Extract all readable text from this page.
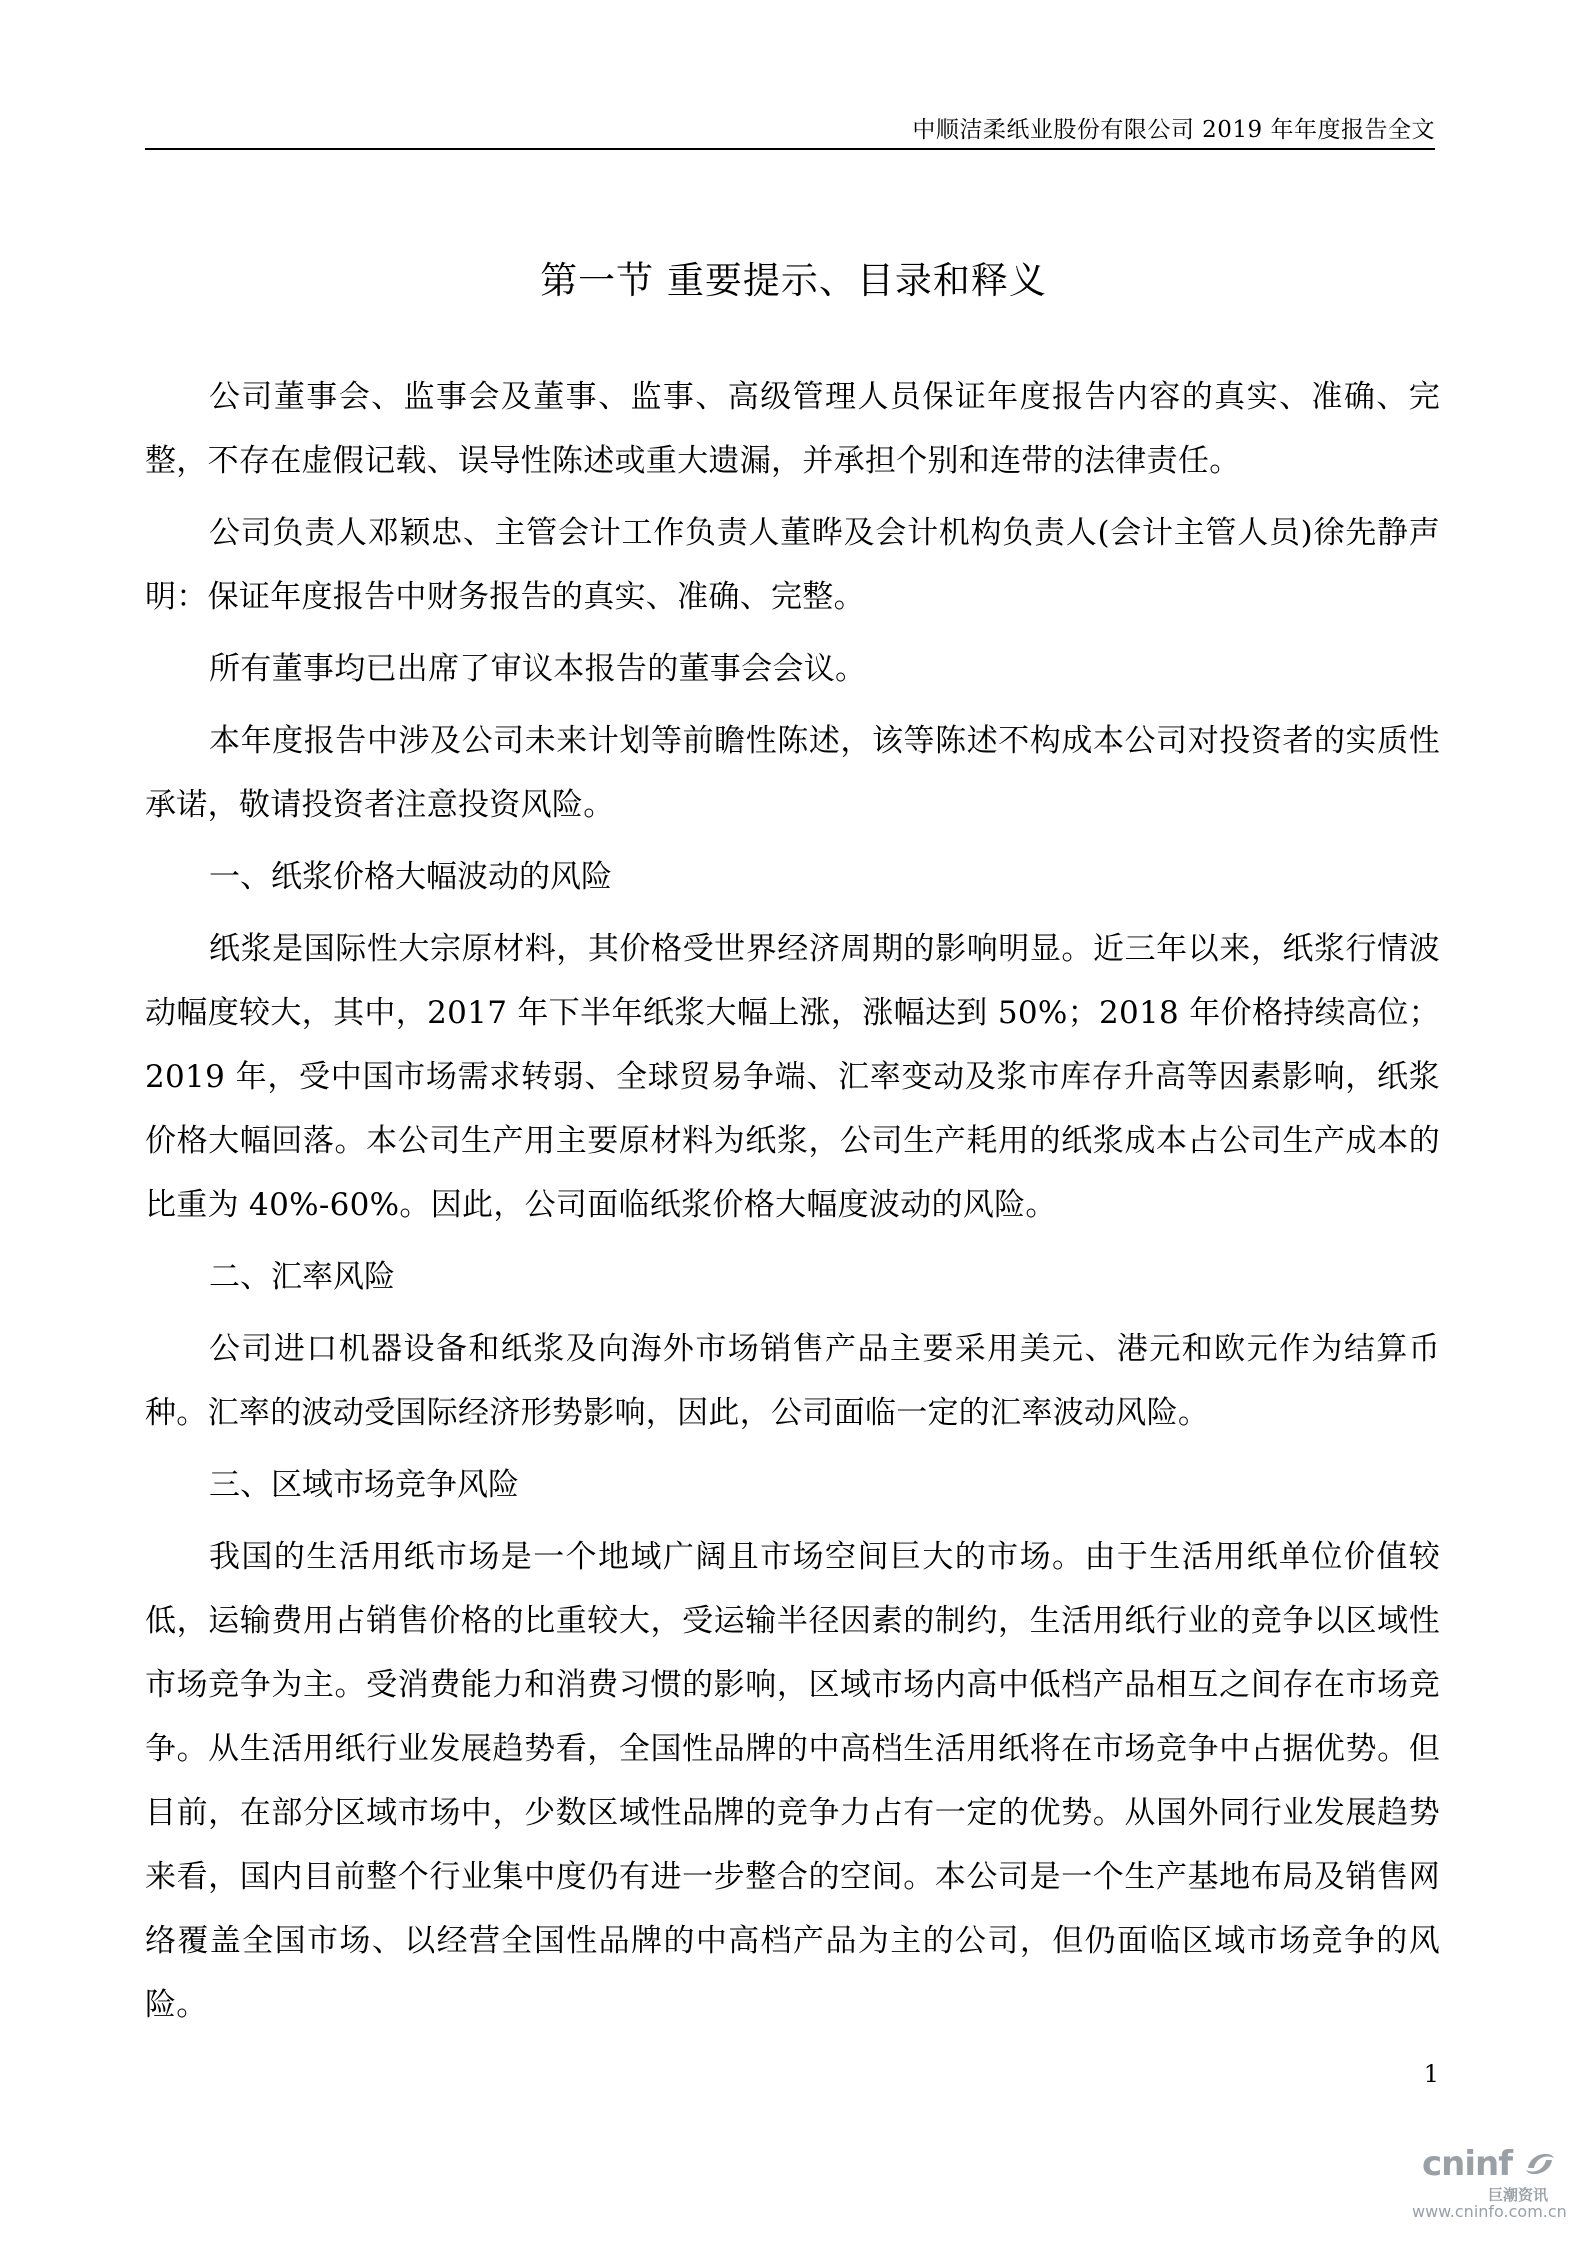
中顺洁柔纸业股份有限公司 2019 年年度报告全文
第一节 重要提示、目录和释义

公司董事会、监事会及董事、监事、高级管理人员保证年度报告内容的真实、准确、完整，不存在虚假记载、误导性陈述或重大遗漏，并承担个别和连带的法律责任。

公司负责人邓颖忠、主管会计工作负责人董晔及会计机构负责人(会计主管人员)徐先静声明：保证年度报告中财务报告的真实、准确、完整。

所有董事均已出席了审议本报告的董事会会议。

本年度报告中涉及公司未来计划等前瞻性陈述，该等陈述不构成本公司对投资者的实质性承诺，敬请投资者注意投资风险。

一、纸浆价格大幅波动的风险

纸浆是国际性大宗原材料，其价格受世界经济周期的影响明显。近三年以来，纸浆行情波动幅度较大，其中，2017 年下半年纸浆大幅上涨，涨幅达到 50%；2018 年价格持续高位；2019 年，受中国市场需求转弱、全球贸易争端、汇率变动及浆市库存升高等因素影响，纸浆价格大幅回落。本公司生产用主要原材料为纸浆，公司生产耗用的纸浆成本占公司生产成本的比重为 40%-60%。因此，公司面临纸浆价格大幅度波动的风险。

二、汇率风险

公司进口机器设备和纸浆及向海外市场销售产品主要采用美元、港元和欧元作为结算币种。汇率的波动受国际经济形势影响，因此，公司面临一定的汇率波动风险。

三、区域市场竞争风险

我国的生活用纸市场是一个地域广阔且市场空间巨大的市场。由于生活用纸单位价值较低，运输费用占销售价格的比重较大，受运输半径因素的制约，生活用纸行业的竞争以区域性市场竞争为主。受消费能力和消费习惯的影响，区域市场内高中低档产品相互之间存在市场竞争。从生活用纸行业发展趋势看，全国性品牌的中高档生活用纸将在市场竞争中占据优势。但目前，在部分区域市场中，少数区域性品牌的竞争力占有一定的优势。从国外同行业发展趋势来看，国内目前整个行业集中度仍有进一步整合的空间。本公司是一个生产基地布局及销售网络覆盖全国市场、以经营全国性品牌的中高档产品为主的公司，但仍面临区域市场竞争的风险。

1
cninf
巨潮资讯
www.cninfo.com.cn
